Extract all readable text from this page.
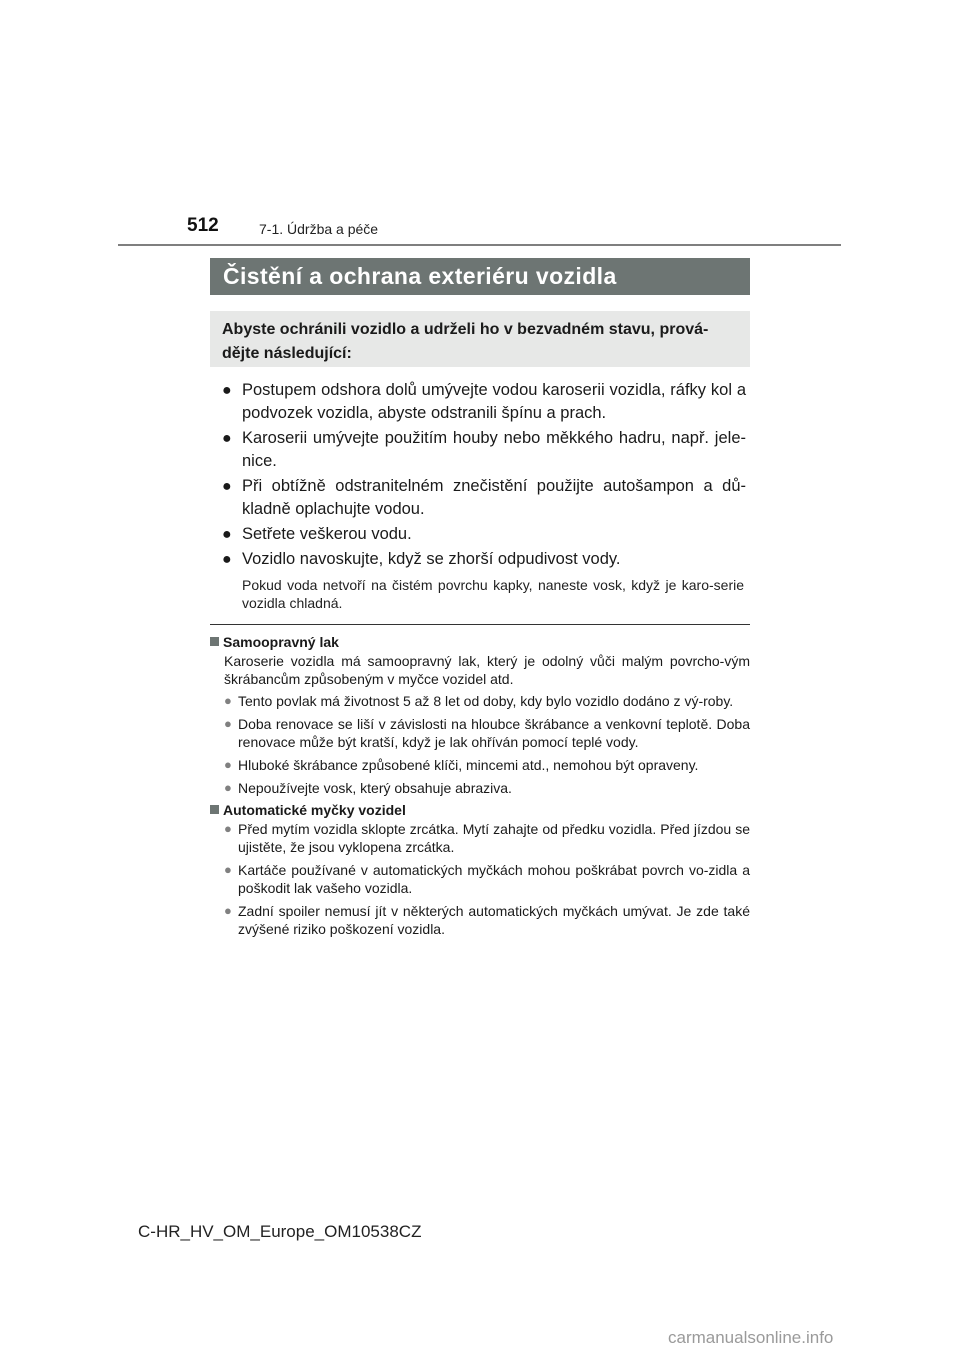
512	7-1. Údržba a péče
Čistění a ochrana exteriéru vozidla
Abyste ochránili vozidlo a udrželi ho v bezvadném stavu, prová-dějte následující:
● Postupem odshora dolů umývejte vodou karoserii vozidla, ráfky kol a podvozek vozidla, abyste odstranili špínu a prach.
● Karoserii umývejte použitím houby nebo měkkého hadru, např. jele-nice.
● Při obtížně odstranitelném znečistění použijte autošampon a dů-kladně oplachujte vodou.
● Setřete veškerou vodu.
● Vozidlo navoskujte, když se zhorší odpudivost vody.
Pokud voda netvoří na čistém povrchu kapky, naneste vosk, když je karo-serie vozidla chladná.
Samoopravný lak
Karoserie vozidla má samoopravný lak, který je odolný vůči malým povrcho-vým škrábancům způsobeným v myčce vozidel atd.
● Tento povlak má životnost 5 až 8 let od doby, kdy bylo vozidlo dodáno z vý-roby.
● Doba renovace se liší v závislosti na hloubce škrábance a venkovní teplotě. Doba renovace může být kratší, když je lak ohříván pomocí teplé vody.
● Hluboké škrábance způsobené klíči, mincemi atd., nemohou být opraveny.
● Nepoužívejte vosk, který obsahuje abraziva.
Automatické myčky vozidel
● Před mytím vozidla sklopte zrcátka. Mytí zahajte od předku vozidla. Před jízdou se ujistěte, že jsou vyklopena zrcátka.
● Kartáče používané v automatických myčkách mohou poškrábat povrch vo-zidla a poškodit lak vašeho vozidla.
● Zadní spoiler nemusí jít v některých automatických myčkách umývat. Je zde také zvýšené riziko poškození vozidla.
C-HR_HV_OM_Europe_OM10538CZ
carmanualsonline.info
